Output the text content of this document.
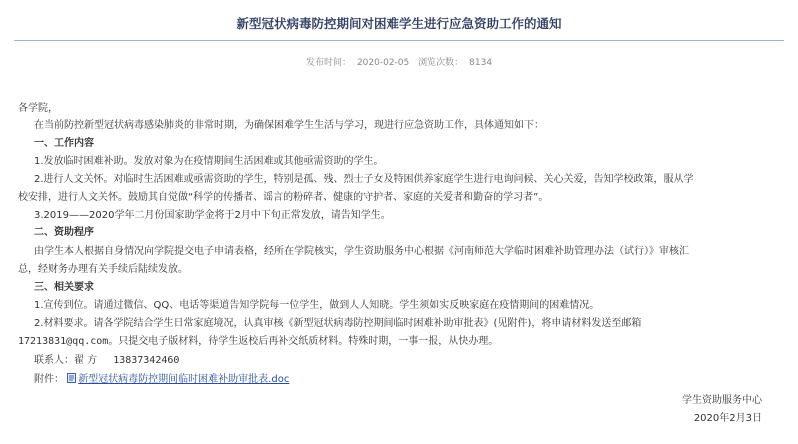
新型冠状病毒防控期间对困难学生进行应急资助工作的通知
发布时间： 2020-02-05 浏览次数： 8134
各学院，
在当前防控新型冠状病毒感染肺炎的非常时期，为确保困难学生生活与学习，现进行应急资助工作，具体通知如下：
一、工作内容
1.发放临时困难补助。发放对象为在疫情期间生活困难或其他亟需资助的学生。
2.进行人文关怀。对临时生活困难或亟需资助的学生，特别是孤、残、烈士子女及特困供养家庭学生进行电询问候、关心关爱，告知学校政策，服从学
校安排，进行人文关怀。鼓励其自觉做“科学的传播者、谣言的粉碎者、健康的守护者、家庭的关爱者和勤奋的学习者”。
3.2019——2020学年二月份国家助学金将于2月中下旬正常发放，请告知学生。
二、资助程序
由学生本人根据自身情况向学院提交电子申请表格，经所在学院核实，学生资助服务中心根据《河南师范大学临时困难补助管理办法（试行）》审核汇
总，经财务办理有关手续后陆续发放。
三、相关要求
1.宣传到位。请通过微信、QQ、电话等渠道告知学院每一位学生，做到人人知晓。学生须如实反映家庭在疫情期间的困难情况。
2.材料要求。请各学院结合学生日常家庭境况，认真审核《新型冠状病毒防控期间临时困难补助审批表》(见附件)，将申请材料发送至邮箱
17213831@qq.com。只提交电子版材料，待学生返校后再补交纸质材料。特殊时期，一事一报，从快办理。
联系人：翟 方 13837342460
附件： 新型冠状病毒防控期间临时困难补助审批表.doc
学生资助服务中心
2020年2月3日
